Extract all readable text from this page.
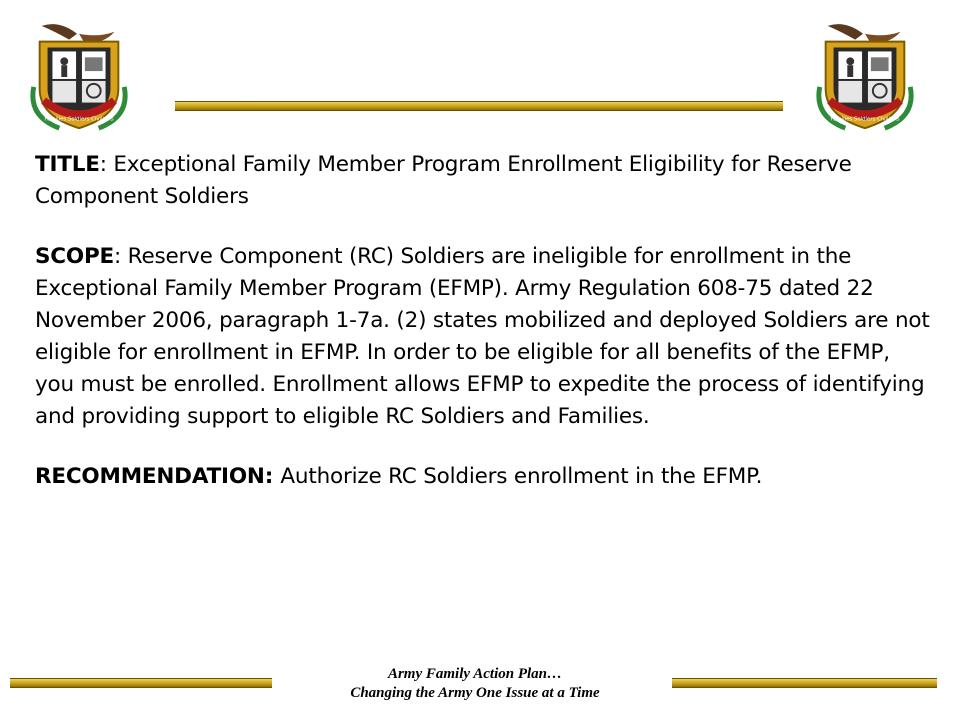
Families Soldiers Civilians	Families Soldiers Civilians

TITLE: Exceptional Family Member Program Enrollment Eligibility for Reserve Component Soldiers

SCOPE: Reserve Component (RC) Soldiers are ineligible for enrollment in the Exceptional Family Member Program (EFMP). Army Regulation 608-75 dated 22 November 2006, paragraph 1-7a. (2) states mobilized and deployed Soldiers are not eligible for enrollment in EFMP. In order to be eligible for all benefits of the EFMP, you must be enrolled. Enrollment allows EFMP to expedite the process of identifying and providing support to eligible RC Soldiers and Families.

RECOMMENDATION: Authorize RC Soldiers enrollment in the EFMP.

Army Family Action Plan…
Changing the Army One Issue at a Time
